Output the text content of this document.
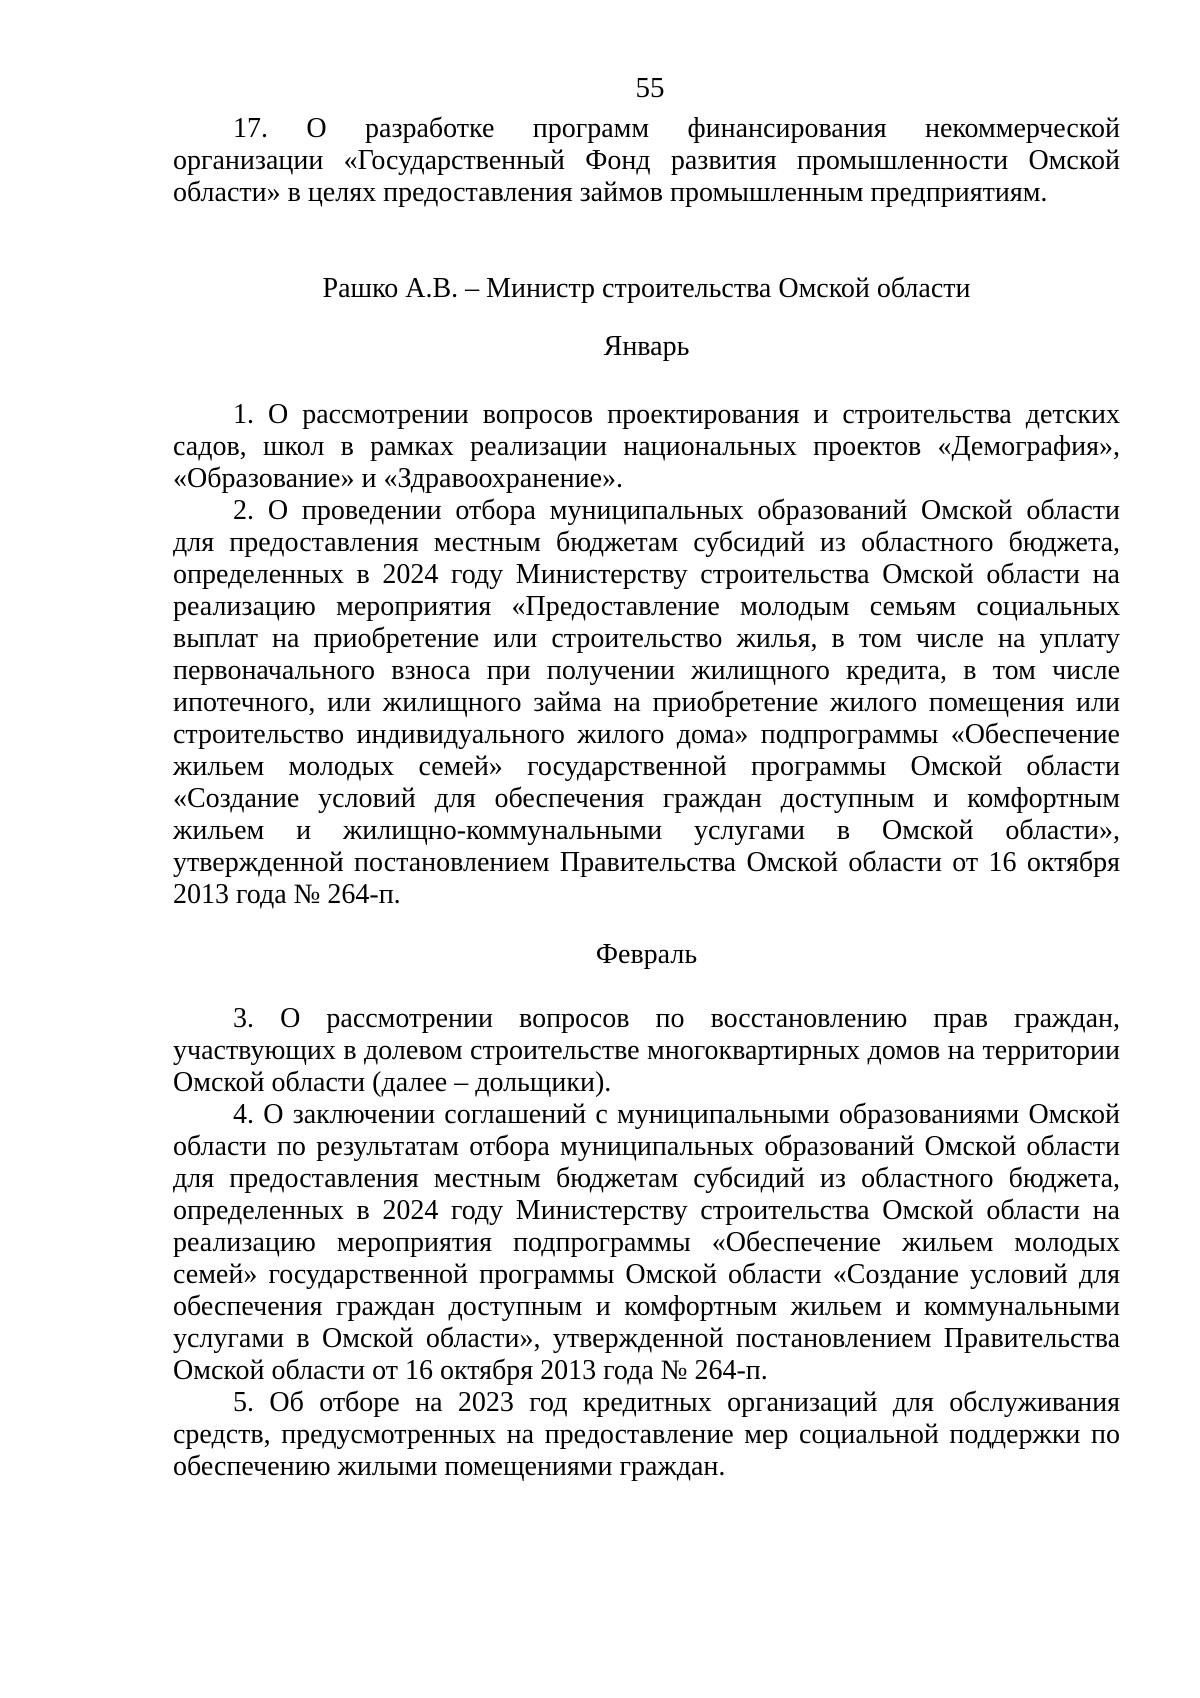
55

17. О разработке программ финансирования некоммерческой организации «Государственный Фонд развития промышленности Омской области» в целях предоставления займов промышленным предприятиям.

Рашко А.В. – Министр строительства Омской области

Январь

1. О рассмотрении вопросов проектирования и строительства детских садов, школ в рамках реализации национальных проектов «Демография», «Образование» и «Здравоохранение».

2. О проведении отбора муниципальных образований Омской области для предоставления местным бюджетам субсидий из областного бюджета, определенных в 2024 году Министерству строительства Омской области на реализацию мероприятия «Предоставление молодым семьям социальных выплат на приобретение или строительство жилья, в том числе на уплату первоначального взноса при получении жилищного кредита, в том числе ипотечного, или жилищного займа на приобретение жилого помещения или строительство индивидуального жилого дома» подпрограммы «Обеспечение жильем молодых семей» государственной программы Омской области «Создание условий для обеспечения граждан доступным и комфортным жильем и жилищно-коммунальными услугами в Омской области», утвержденной постановлением Правительства Омской области от 16 октября 2013 года № 264-п.

Февраль

3. О рассмотрении вопросов по восстановлению прав граждан, участвующих в долевом строительстве многоквартирных домов на территории Омской области (далее – дольщики).

4. О заключении соглашений с муниципальными образованиями Омской области по результатам отбора муниципальных образований Омской области для предоставления местным бюджетам субсидий из областного бюджета, определенных в 2024 году Министерству строительства Омской области на реализацию мероприятия подпрограммы «Обеспечение жильем молодых семей» государственной программы Омской области «Создание условий для обеспечения граждан доступным и комфортным жильем и коммунальными услугами в Омской области», утвержденной постановлением Правительства Омской области от 16 октября 2013 года № 264-п.

5. Об отборе на 2023 год кредитных организаций для обслуживания средств, предусмотренных на предоставление мер социальной поддержки по обеспечению жилыми помещениями граждан.
